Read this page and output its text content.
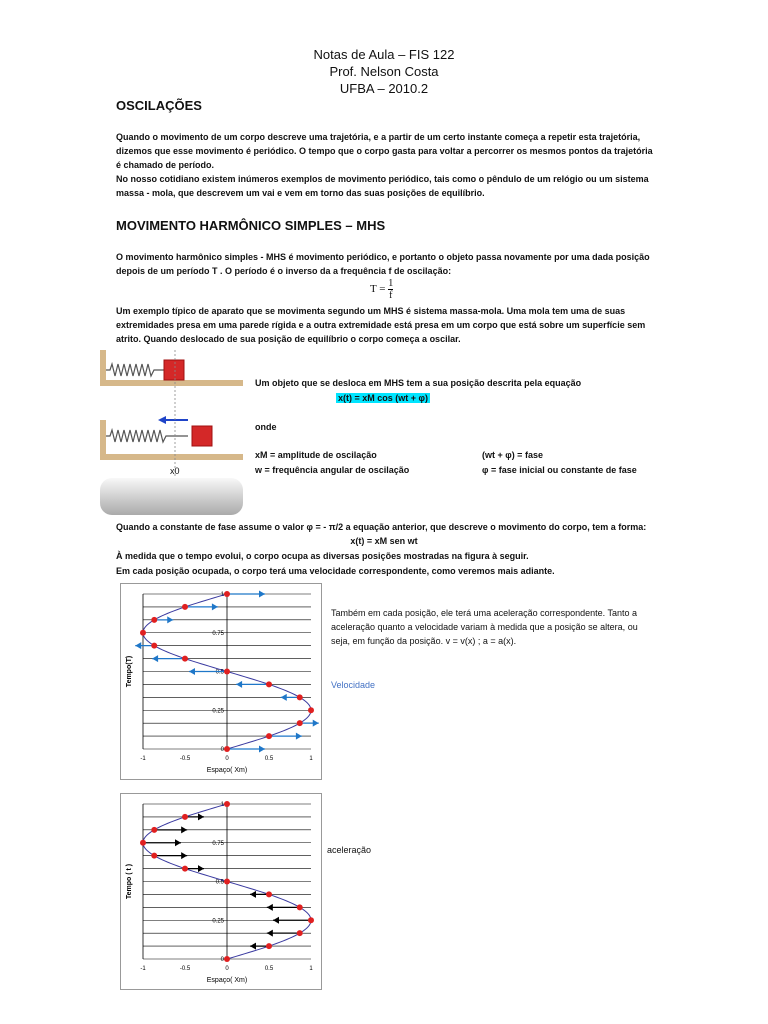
Notas de Aula – FIS 122
Prof. Nelson Costa
UFBA – 2010.2
OSCILAÇÕES
Quando o movimento de um corpo descreve uma trajetória, e a partir de um certo instante começa a repetir esta trajetória, dizemos que esse movimento é periódico. O tempo que o corpo gasta para voltar a percorrer os mesmos pontos da trajetória é chamado de período.
No nosso cotidiano existem inúmeros exemplos de movimento periódico, tais como o pêndulo de um relógio ou um sistema massa - mola, que descrevem um vai e vem em torno das suas posições de equilíbrio.
MOVIMENTO HARMÔNICO SIMPLES – MHS
O movimento harmônico simples - MHS é movimento periódico, e portanto o objeto passa novamente por uma dada posição depois de um período T . O período é o inverso da a frequência f de oscilação:
$T = \frac{1}{f}$
Um exemplo típico de aparato que se movimenta segundo um MHS é sistema massa-mola. Uma mola tem uma de suas extremidades presa em uma parede rígida e a outra extremidade está presa em um corpo que está sobre um superfície sem atrito. Quando deslocado de sua posição de equilíbrio o corpo começa a oscilar.
x0
Um objeto que se desloca em MHS tem a sua posição descrita pela equação
x(t) = xM cos (wt + φ)
onde
xM = amplitude de oscilação	(wt + φ) = fase
w = frequência angular de oscilação	φ = fase inicial ou constante de fase
Quando a constante de fase assume o valor φ = - π/2 a equação anterior, que descreve o movimento do corpo, tem a forma:
x(t) = xM sen wt
À medida que o tempo evolui, o corpo ocupa as diversas posições mostradas na figura à seguir.
Em cada posição ocupada, o corpo terá uma velocidade correspondente, como veremos mais adiante.
Também em cada posição, ele terá uma aceleração correspondente. Tanto a aceleração quanto a velocidade variam à medida que a posição se altera, ou seja, em função da posição. v = v(x) ; a = a(x).
Velocidade
aceleração
-1	-0.5	0	0.5	1
0
0.25
0.5
0.75
1
Espaço( Xm)
Tempo(T)
-1	-0.5	0	0.5	1
0
0.25
0.5
0.75
1
Espaço( Xm)
Tempo ( t )
